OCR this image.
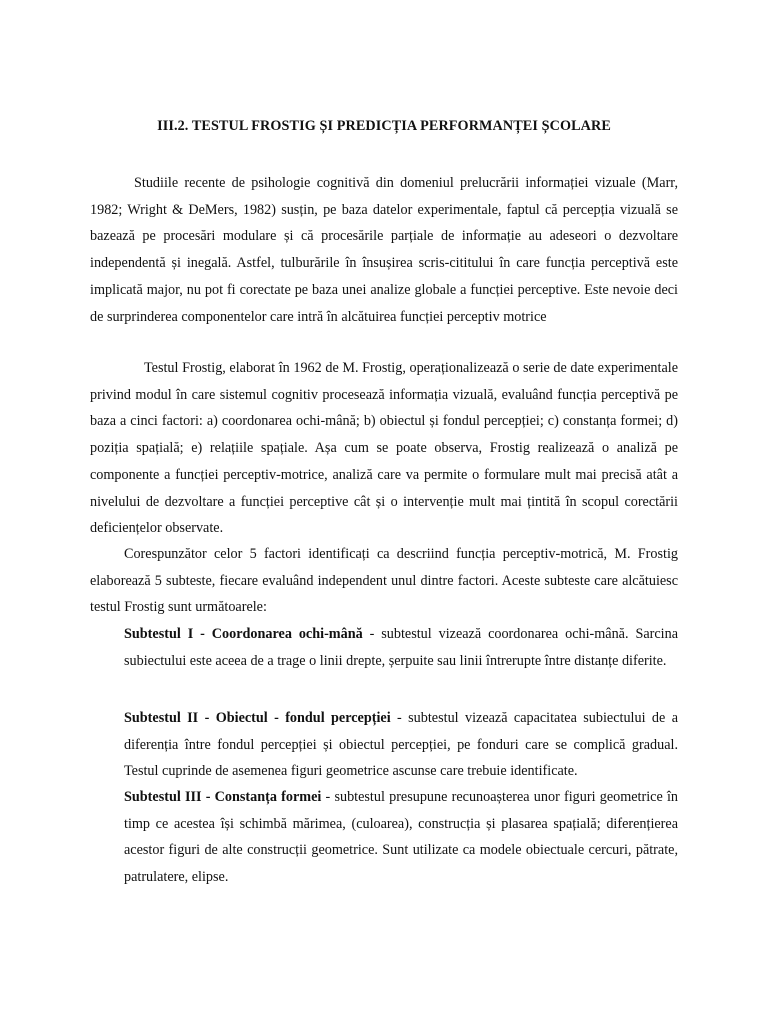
III.2. TESTUL FROSTIG ȘI PREDICȚIA PERFORMANȚEI ȘCOLARE
Studiile recente de psihologie cognitivă din domeniul prelucrării informației vizuale (Marr, 1982; Wright & DeMers, 1982) susțin, pe baza datelor experimentale, faptul că percepția vizuală se bazează pe procesări modulare și că procesările parțiale de informație au adeseori o dezvoltare independentă și inegală. Astfel, tulburările în însușirea scris-cititului în care funcția perceptivă este implicată major, nu pot fi corectate pe baza unei analize globale a funcției perceptive. Este nevoie deci de surprinderea componentelor care intră în alcătuirea funcției perceptiv motrice
Testul Frostig, elaborat în 1962 de M. Frostig, operaționalizează o serie de date experimentale privind modul în care sistemul cognitiv procesează informația vizuală, evaluând funcția perceptivă pe baza a cinci factori: a) coordonarea ochi-mână; b) obiectul și fondul percepției; c) constanța formei; d) poziția spațială; e) relațiile spațiale. Așa cum se poate observa, Frostig realizează o analiză pe componente a funcției perceptiv-motrice, analiză care va permite o formulare mult mai precisă atât a nivelului de dezvoltare a funcției perceptive cât și o intervenție mult mai țintită în scopul corectării deficiențelor observate.
Corespunzător celor 5 factori identificați ca descriind funcția perceptiv-motrică, M. Frostig elaborează 5 subteste, fiecare evaluând independent unul dintre factori. Aceste subteste care alcătuiesc testul Frostig sunt următoarele:
Subtestul I - Coordonarea ochi-mână - subtestul vizează coordonarea ochi-mână. Sarcina subiectului este aceea de a trage o linii drepte, șerpuite sau linii întrerupte între distanțe diferite.
Subtestul II - Obiectul - fondul percepției - subtestul vizează capacitatea subiectului de a diferenția între fondul percepției și obiectul percepției, pe fonduri care se complică gradual. Testul cuprinde de asemenea figuri geometrice ascunse care trebuie identificate.
Subtestul III - Constanța formei - subtestul presupune recunoașterea unor figuri geometrice în timp ce acestea își schimbă mărimea, (culoarea), construcția și plasarea spațială; diferențierea acestor figuri de alte construcții geometrice. Sunt utilizate ca modele obiectuale cercuri, pătrate, patrulatere, elipse.
